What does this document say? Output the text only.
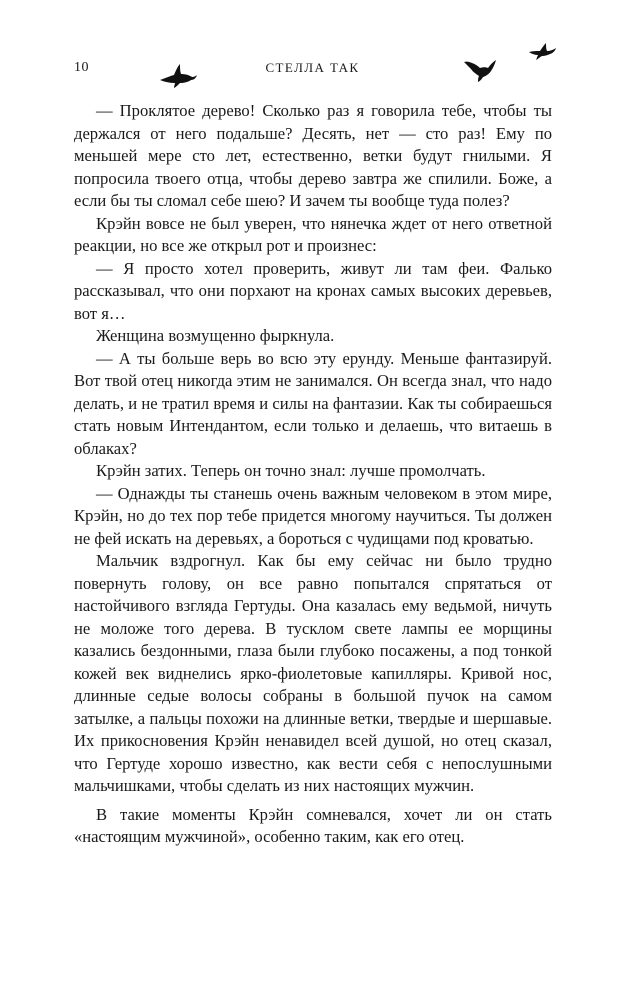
10	СТЕЛЛА ТАК

— Проклятое дерево! Сколько раз я говорила тебе, чтобы ты держался от него подальше? Десять, нет — сто раз! Ему по меньшей мере сто лет, естественно, ветки будут гнилыми. Я попросила твоего отца, чтобы дерево завтра же спилили. Боже, а если бы ты сломал себе шею? И зачем ты вообще туда полез?

Крэйн вовсе не был уверен, что нянечка ждет от него ответной реакции, но все же открыл рот и произнес:

— Я просто хотел проверить, живут ли там феи. Фалько рассказывал, что они порхают на кронах самых высоких деревьев, вот я…

Женщина возмущенно фыркнула.

— А ты больше верь во всю эту ерунду. Меньше фантазируй. Вот твой отец никогда этим не занимался. Он всегда знал, что надо делать, и не тратил время и силы на фантазии. Как ты собираешься стать новым Интендантом, если только и делаешь, что витаешь в облаках?

Крэйн затих. Теперь он точно знал: лучше промолчать.

— Однажды ты станешь очень важным человеком в этом мире, Крэйн, но до тех пор тебе придется многому научиться. Ты должен не фей искать на деревьях, а бороться с чудищами под кроватью.

Мальчик вздрогнул. Как бы ему сейчас ни было трудно повернуть голову, он все равно попытался спрятаться от настойчивого взгляда Гертуды. Она казалась ему ведьмой, ничуть не моложе того дерева. В тусклом свете лампы ее морщины казались бездонными, глаза были глубоко посажены, а под тонкой кожей век виднелись ярко-фиолетовые капилляры. Кривой нос, длинные седые волосы собраны в большой пучок на самом затылке, а пальцы похожи на длинные ветки, твердые и шершавые. Их прикосновения Крэйн ненавидел всей душой, но отец сказал, что Гертуде хорошо известно, как вести себя с непослушными мальчишками, чтобы сделать из них настоящих мужчин.

В такие моменты Крэйн сомневался, хочет ли он стать «настоящим мужчиной», особенно таким, как его отец.
